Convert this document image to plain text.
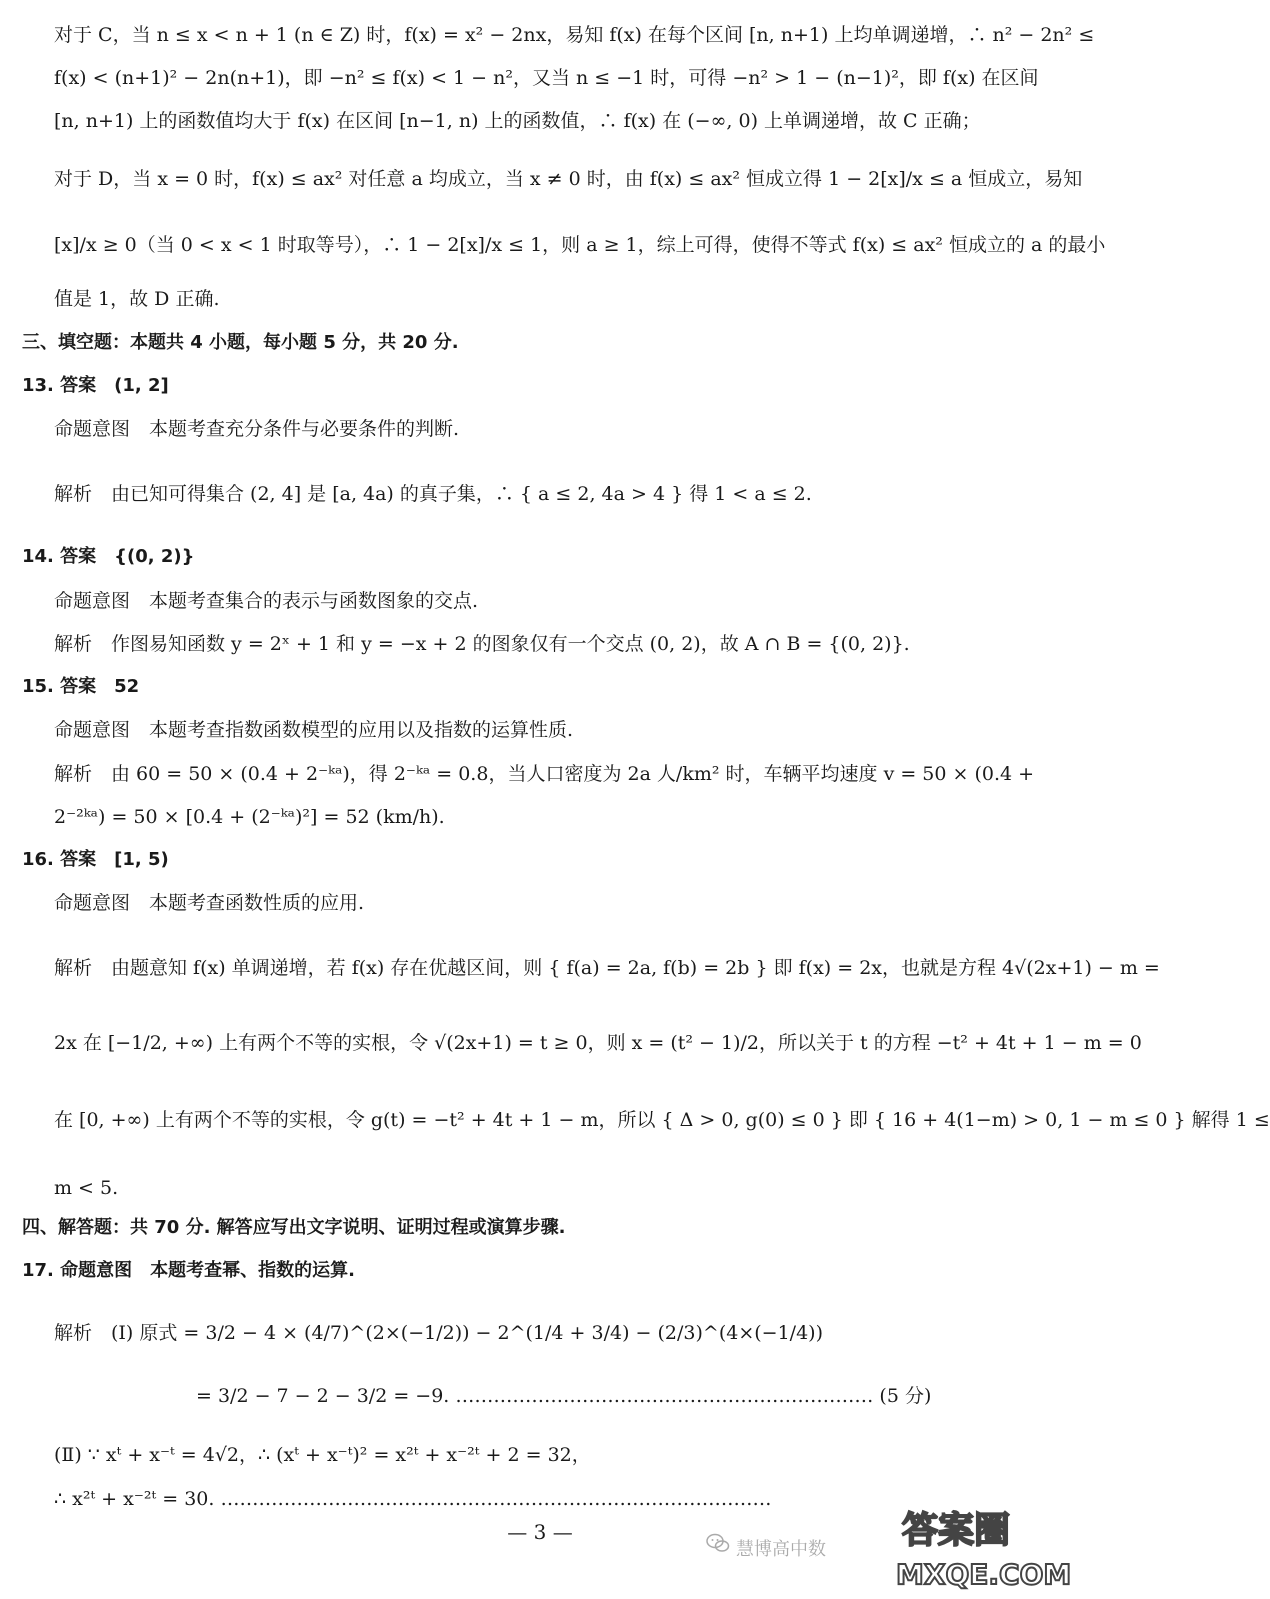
对于 C，当 n ≤ x < n + 1 (n ∈ Z) 时，f(x) = x² − 2nx，易知 f(x) 在每个区间 [n, n+1) 上均单调递增，∴ n² − 2n² ≤
f(x) < (n+1)² − 2n(n+1)，即 −n² ≤ f(x) < 1 − n²，又当 n ≤ −1 时，可得 −n² > 1 − (n−1)²，即 f(x) 在区间
[n, n+1) 上的函数值均大于 f(x) 在区间 [n−1, n) 上的函数值，∴ f(x) 在 (−∞, 0) 上单调递增，故 C 正确；
对于 D，当 x = 0 时，f(x) ≤ ax² 对任意 a 均成立，当 x ≠ 0 时，由 f(x) ≤ ax² 恒成立得 1 − 2[x]/x ≤ a 恒成立，易知
[x]/x ≥ 0（当 0 < x < 1 时取等号），∴ 1 − 2[x]/x ≤ 1，则 a ≥ 1，综上可得，使得不等式 f(x) ≤ ax² 恒成立的 a 的最小
值是 1，故 D 正确.
三、填空题：本题共 4 小题，每小题 5 分，共 20 分.
13. 答案　(1, 2]
命题意图　本题考查充分条件与必要条件的判断.
解析　由已知可得集合 (2, 4] 是 [a, 4a) 的真子集，∴ { a ≤ 2, 4a > 4 } 得 1 < a ≤ 2.
14. 答案　{(0, 2)}
命题意图　本题考查集合的表示与函数图象的交点.
解析　作图易知函数 y = 2ˣ + 1 和 y = −x + 2 的图象仅有一个交点 (0, 2)，故 A ∩ B = {(0, 2)}.
15. 答案　52
命题意图　本题考查指数函数模型的应用以及指数的运算性质.
解析　由 60 = 50 × (0.4 + 2⁻ᵏᵃ)，得 2⁻ᵏᵃ = 0.8，当人口密度为 2a 人/km² 时，车辆平均速度 v = 50 × (0.4 +
2⁻²ᵏᵃ) = 50 × [0.4 + (2⁻ᵏᵃ)²] = 52 (km/h).
16. 答案　[1, 5)
命题意图　本题考查函数性质的应用.
解析　由题意知 f(x) 单调递增，若 f(x) 存在优越区间，则 { f(a) = 2a, f(b) = 2b } 即 f(x) = 2x，也就是方程 4√(2x+1) − m =
2x 在 [−1/2, +∞) 上有两个不等的实根，令 √(2x+1) = t ≥ 0，则 x = (t² − 1)/2，所以关于 t 的方程 −t² + 4t + 1 − m = 0
在 [0, +∞) 上有两个不等的实根，令 g(t) = −t² + 4t + 1 − m，所以 { Δ > 0, g(0) ≤ 0 } 即 { 16 + 4(1−m) > 0, 1 − m ≤ 0 } 解得 1 ≤
m < 5.
四、解答题：共 70 分. 解答应写出文字说明、证明过程或演算步骤.
17. 命题意图　本题考查幂、指数的运算.
解析　(Ⅰ) 原式 = 3/2 − 4 × (4/7)^(2×(−1/2)) − 2^(1/4 + 3/4) − (2/3)^(4×(−1/4))
= 3/2 − 7 − 2 − 3/2 = −9. ………………………………………………………… (5 分)
(Ⅱ) ∵ xᵗ + x⁻ᵗ = 4√2，∴ (xᵗ + x⁻ᵗ)² = x²ᵗ + x⁻²ᵗ + 2 = 32，
∴ x²ᵗ + x⁻²ᵗ = 30. ……………………………………………………………………………
— 3 —
慧博高中数 答案圈
MXQE.COM
